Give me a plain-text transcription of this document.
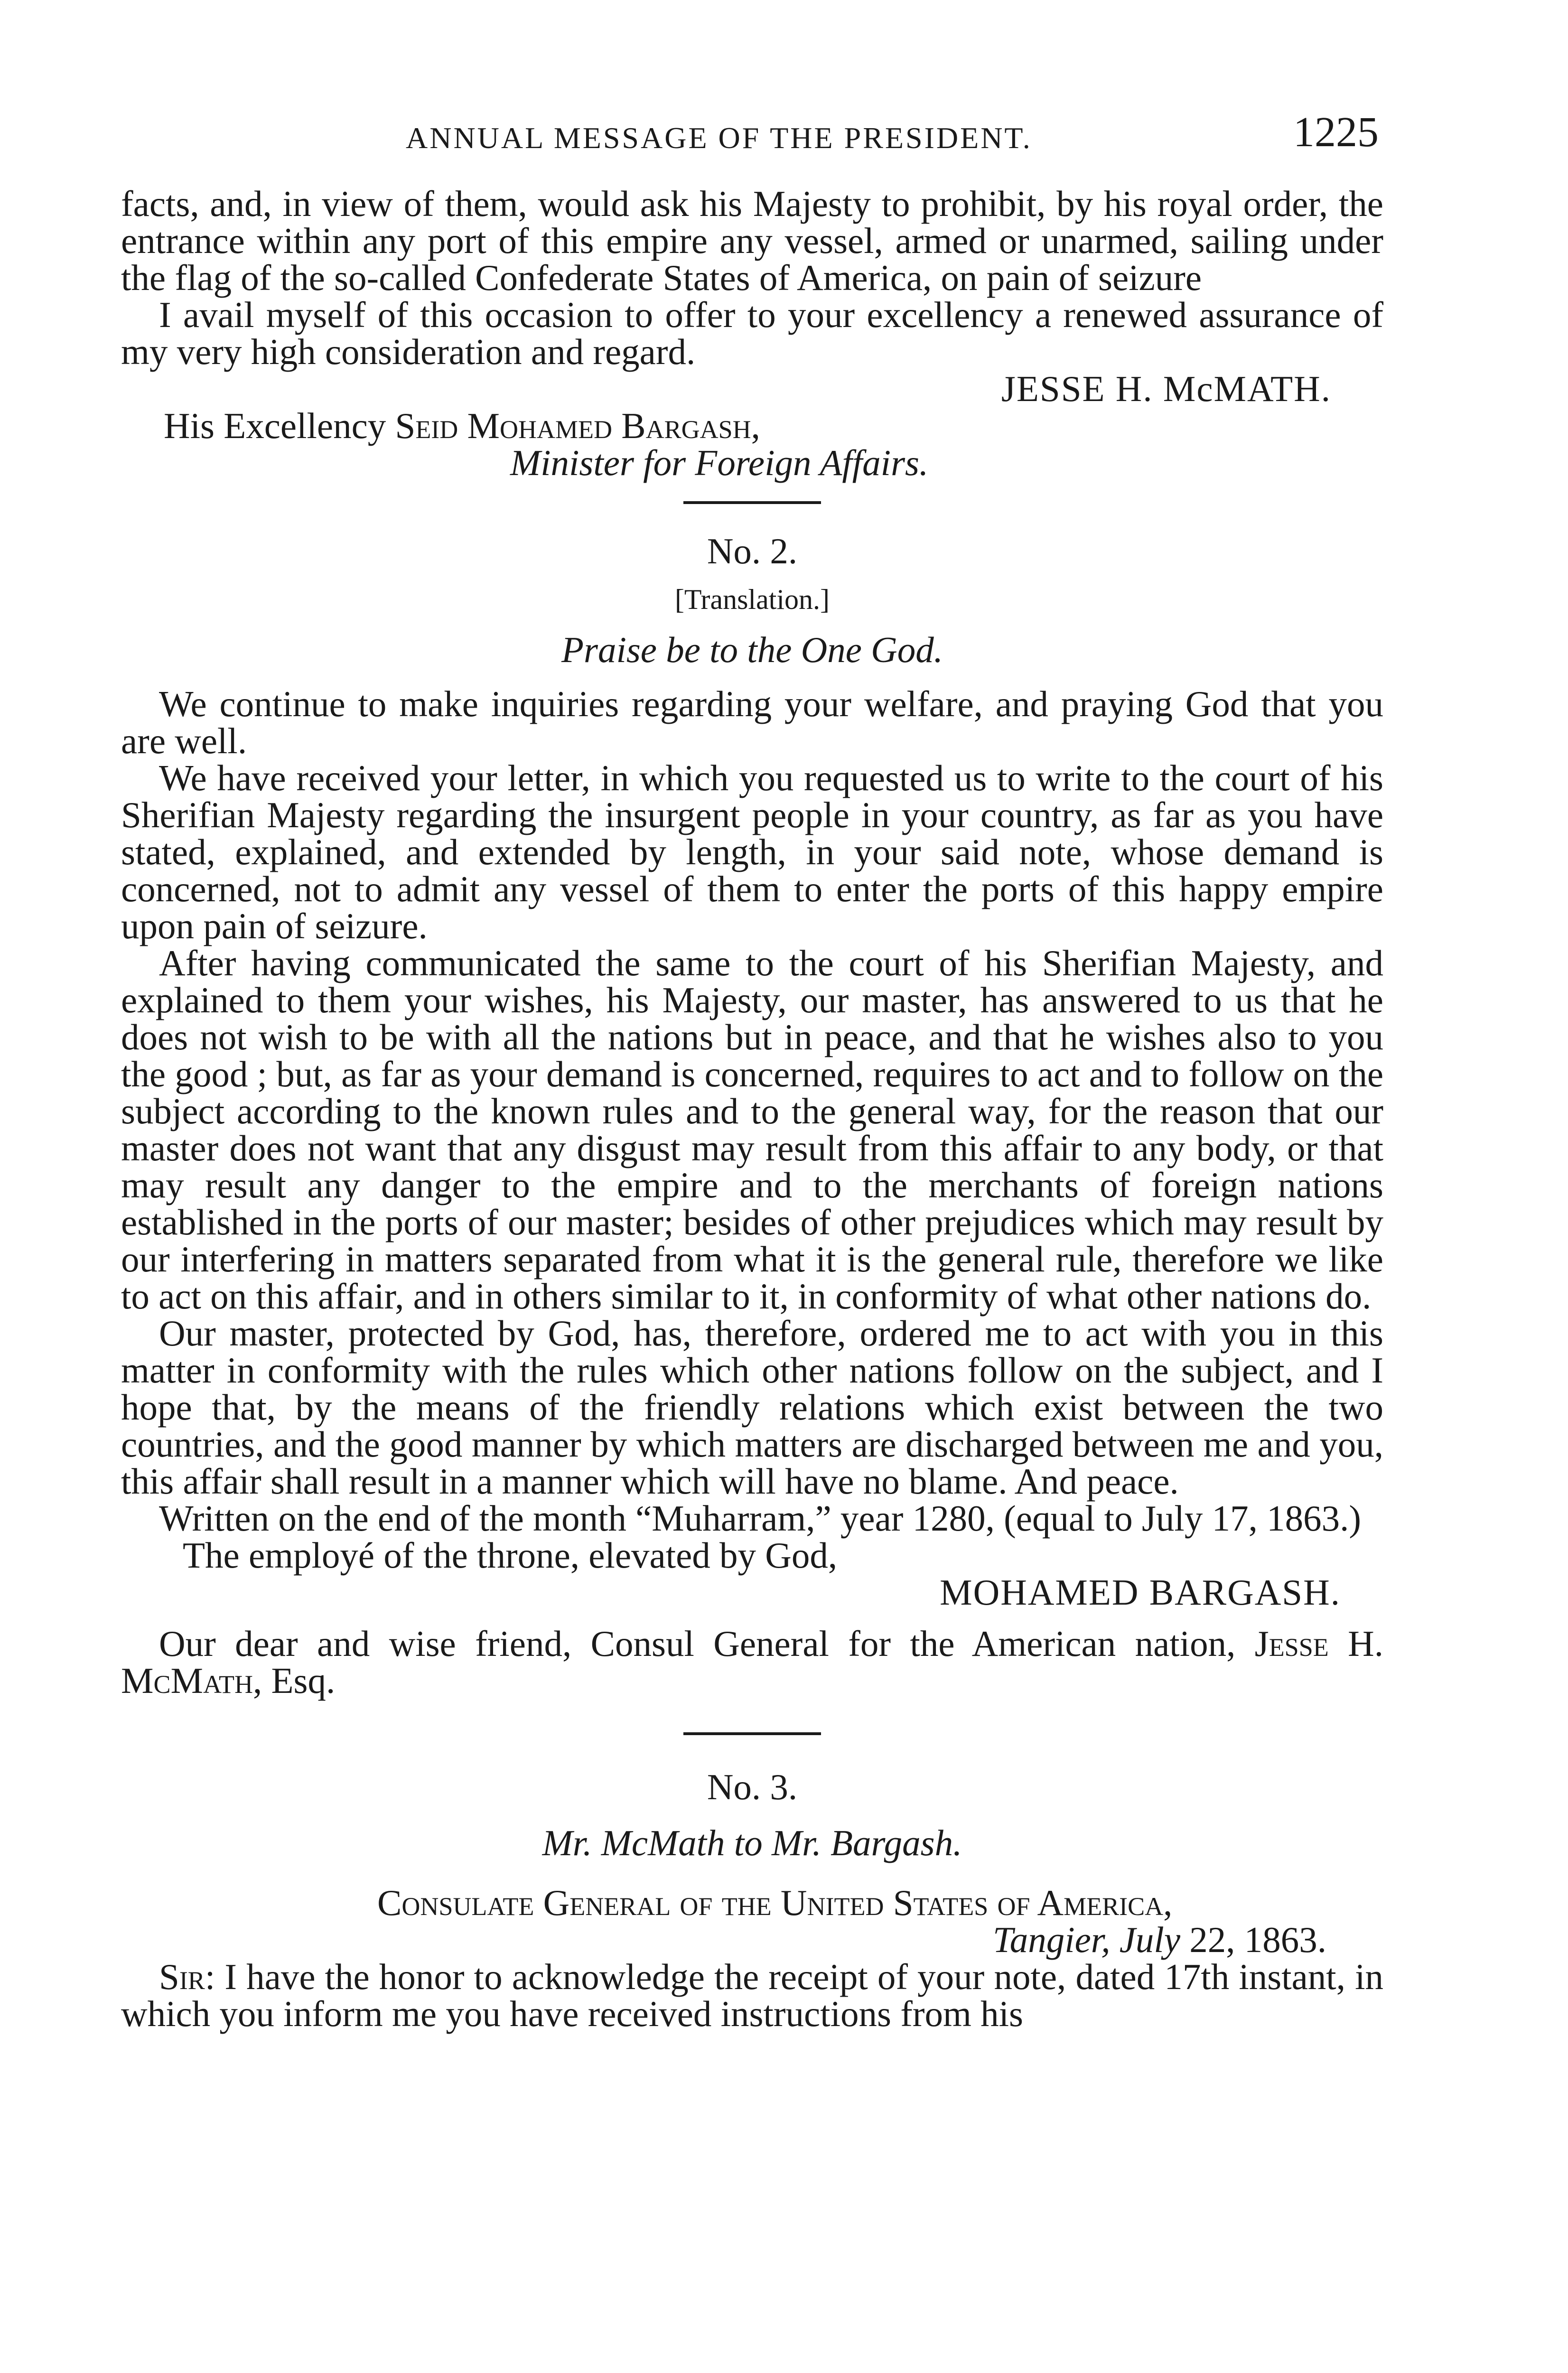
ANNUAL MESSAGE OF THE PRESIDENT.	1225

facts, and, in view of them, would ask his Majesty to prohibit, by his royal order, the entrance within any port of this empire any vessel, armed or unarmed, sailing under the flag of the so-called Confederate States of America, on pain of seizure

I avail myself of this occasion to offer to your excellency a renewed assurance of my very high consideration and regard.

JESSE H. McMATH.

His Excellency Seid Mohamed Bargash,

Minister for Foreign Affairs.

No. 2.

[Translation.]

Praise be to the One God.

We continue to make inquiries regarding your welfare, and praying God that you are well.

We have received your letter, in which you requested us to write to the court of his Sherifian Majesty regarding the insurgent people in your country, as far as you have stated, explained, and extended by length, in your said note, whose demand is concerned, not to admit any vessel of them to enter the ports of this happy empire upon pain of seizure.

After having communicated the same to the court of his Sherifian Majesty, and explained to them your wishes, his Majesty, our master, has answered to us that he does not wish to be with all the nations but in peace, and that he wishes also to you the good ; but, as far as your demand is concerned, requires to act and to follow on the subject according to the known rules and to the general way, for the reason that our master does not want that any disgust may result from this affair to any body, or that may result any danger to the empire and to the merchants of foreign nations established in the ports of our master; besides of other prejudices which may result by our interfering in matters separated from what it is the general rule, therefore we like to act on this affair, and in others similar to it, in conformity of what other nations do.

Our master, protected by God, has, therefore, ordered me to act with you in this matter in conformity with the rules which other nations follow on the subject, and I hope that, by the means of the friendly relations which exist between the two countries, and the good manner by which matters are discharged between me and you, this affair shall result in a manner which will have no blame. And peace.

Written on the end of the month “Muharram,” year 1280, (equal to July 17, 1863.)

The employé of the throne, elevated by God,

MOHAMED BARGASH.

Our dear and wise friend, Consul General for the American nation, Jesse H. McMath, Esq.

No. 3.

Mr. McMath to Mr. Bargash.

Consulate General of the United States of America,

Tangier, July 22, 1863.

Sir: I have the honor to acknowledge the receipt of your note, dated 17th instant, in which you inform me you have received instructions from his
